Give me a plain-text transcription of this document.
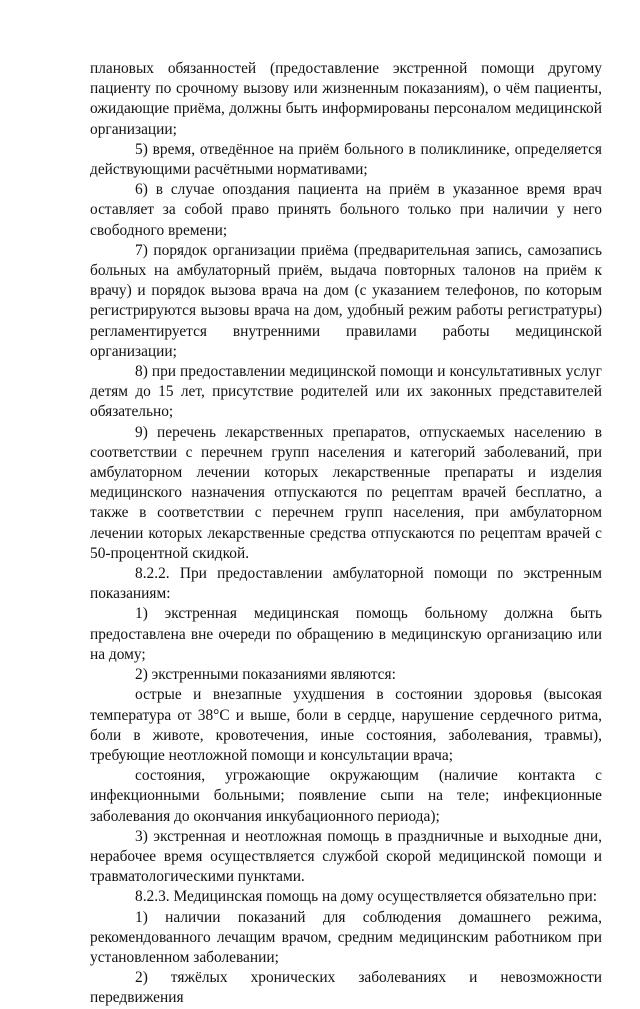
плановых обязанностей (предоставление экстренной помощи другому пациенту по срочному вызову или жизненным показаниям), о чём пациенты, ожидающие приёма, должны быть информированы персоналом медицинской организации;

5) время, отведённое на приём больного в поликлинике, определяется действующими расчётными нормативами;

6) в случае опоздания пациента на приём в указанное время врач оставляет за собой право принять больного только при наличии у него свободного времени;

7) порядок организации приёма (предварительная запись, самозапись больных на амбулаторный приём, выдача повторных талонов на приём к врачу) и порядок вызова врача на дом (с указанием телефонов, по которым регистрируются вызовы врача на дом, удобный режим работы регистратуры) регламентируется внутренними правилами работы медицинской организации;

8) при предоставлении медицинской помощи и консультативных услуг детям до 15 лет, присутствие родителей или их законных представителей обязательно;

9) перечень лекарственных препаратов, отпускаемых населению в соответствии с перечнем групп населения и категорий заболеваний, при амбулаторном лечении которых лекарственные препараты и изделия медицинского назначения отпускаются по рецептам врачей бесплатно, а также в соответствии с перечнем групп населения, при амбулаторном лечении которых лекарственные средства отпускаются по рецептам врачей с 50-процентной скидкой.

8.2.2. При предоставлении амбулаторной помощи по экстренным показаниям:

1) экстренная медицинская помощь больному должна быть предоставлена вне очереди по обращению в медицинскую организацию или на дому;

2) экстренными показаниями являются:

острые и внезапные ухудшения в состоянии здоровья (высокая температура от 38°С и выше, боли в сердце, нарушение сердечного ритма, боли в животе, кровотечения, иные состояния, заболевания, травмы), требующие неотложной помощи и консультации врача;

состояния, угрожающие окружающим (наличие контакта с инфекционными больными; появление сыпи на теле; инфекционные заболевания до окончания инкубационного периода);

3) экстренная и неотложная помощь в праздничные и выходные дни, нерабочее время осуществляется службой скорой медицинской помощи и травматологическими пунктами.

8.2.3. Медицинская помощь на дому осуществляется обязательно при:

1) наличии показаний для соблюдения домашнего режима, рекомендованного лечащим врачом, средним медицинским работником при установленном заболевании;

2) тяжёлых хронических заболеваниях и невозможности передвижения
